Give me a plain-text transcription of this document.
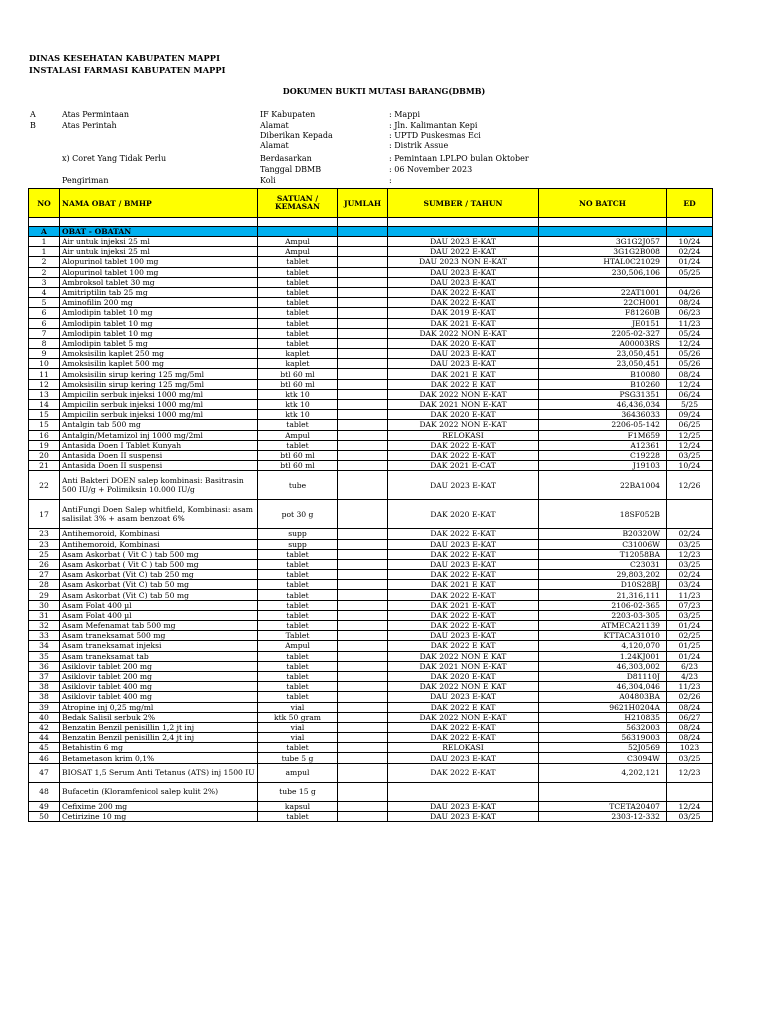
DINAS KESEHATAN KABUPATEN MAPPI
INSTALASI FARMASI KABUPATEN MAPPI
DOKUMEN BUKTI MUTASI BARANG(DBMB)
A	Atas Permintaan
B	Atas Perintah
x) Coret Yang Tidak Perlu
Pengiriman
IF Kabupaten	: Mappi
Alamat	: Jln. Kalimantan Kepi
Diberikan Kepada	: UPTD Puskesmas Eci
Alamat	: Distrik Assue
Berdasarkan	: Pemintaan LPLPO bulan Oktober
Tanggal DBMB	: 06 November 2023
Koli	:
NO	NAMA OBAT / BMHP	SATUAN / KEMASAN	JUMLAH	SUMBER / TAHUN	NO BATCH	ED

A	OBAT - OBATAN					
1	Air untuk injeksi 25 ml	Ampul		DAU 2023 E-KAT	3G1G2J057	10/24
1	Air untuk injeksi 25 ml	Ampul		DAU 2022 E-KAT	3G1G2B008	02/24
2	Alopurinol tablet 100 mg	tablet		DAU 2023 NON E-KAT	HTAL0C21029	01/24
2	Alopurinol tablet 100 mg	tablet		DAU 2023 E-KAT	230,506,106	05/25
3	Ambroksol tablet 30 mg	tablet		DAU 2023 E-KAT		
4	Amitriptilin tab 25 mg	tablet		DAK 2022 E-KAT	22AT1001	04/26
5	Aminofilin 200 mg	tablet		DAK 2022 E-KAT	22CH001	08/24
6	Amlodipin tablet 10 mg	tablet		DAK 2019 E-KAT	F81260B	06/23
6	Amlodipin tablet 10 mg	tablet		DAK 2021 E-KAT	JE0151	11/23
7	Amlodipin tablet 10 mg	tablet		DAK 2022 NON E-KAT	2205-02-327	05/24
8	Amlodipin tablet 5 mg	tablet		DAK 2020 E-KAT	A00003RS	12/24
9	Amoksisilin kaplet 250 mg	kaplet		DAU 2023 E-KAT	23,050,451	05/26
10	Amoksisilin kaplet 500 mg	kaplet		DAU 2023 E-KAT	23,050,451	05/26
11	Amoksisilin sirup kering 125 mg/5ml	btl 60 ml		DAK 2021 E KAT	B10080	08/24
12	Amoksisilin sirup kering 125 mg/5ml	btl 60 ml		DAK 2022 E KAT	B10260	12/24
13	Ampicilin serbuk injeksi 1000 mg/ml	ktk 10		DAK 2022 NON E-KAT	PSG31351	06/24
14	Ampicilin serbuk injeksi 1000 mg/ml	ktk 10		DAK 2021 NON E-KAT	46,436,034	5/25
15	Ampicilin serbuk injeksi 1000 mg/ml	ktk 10		DAK 2020 E-KAT	36436033	09/24
15	Antalgin tab 500 mg	tablet		DAK 2022 NON E-KAT	2206-05-142	06/25
16	Antalgin/Metamizol inj 1000 mg/2ml	Ampul		RELOKASI	F1M659	12/25
19	Antasida Doen I Tablet Kunyah	tablet		DAK 2022 E-KAT	A12361	12/24
20	Antasida Doen II suspensi	btl 60 ml		DAK 2022 E-KAT	C19228	03/25
21	Antasida Doen II suspensi	btl 60 ml		DAK 2021 E-CAT	J19103	10/24
22	Anti Bakteri DOEN salep kombinasi: Basitrasin 500 IU/g + Polimiksin 10.000 IU/g	tube		DAU 2023 E-KAT	22BA1004	12/26
17	AntiFungi Doen Salep whitfield, Kombinasi: asam salisilat 3% + asam benzoat 6%	pot 30 g		DAK 2020 E-KAT	18SF052B	
23	Antihemoroid, Kombinasi	supp		DAK 2022 E-KAT	B20320W	02/24
23	Antihemoroid, Kombinasi	supp		DAU 2023 E-KAT	C31006W	03/25
25	Asam Askorbat ( Vit C ) tab 500 mg	tablet		DAK 2022 E-KAT	T12058BA	12/23
26	Asam Askorbat ( Vit C ) tab 500 mg	tablet		DAU 2023 E-KAT	C23031	03/25
27	Asam Askorbat (Vit C) tab 250 mg	tablet		DAK 2022 E-KAT	29,803,202	02/24
28	Asam Askorbat (Vit C) tab 50 mg	tablet		DAK 2021 E KAT	D10S28BJ	03/24
29	Asam Askorbat (Vit C) tab 50 mg	tablet		DAK 2022 E-KAT	21,316,111	11/23
30	Asam Folat 400 µl	tablet		DAK 2021 E-KAT	2106-02-365	07/23
31	Asam Folat 400 µl	tablet		DAK 2022 E-KAT	2203-03-305	03/25
32	Asam Mefenamat tab 500 mg	tablet		DAK 2022 E-KAT	ATMECA21139	01/24
33	Asam traneksamat 500 mg	Tablet		DAU 2023 E-KAT	KTTACA31010	02/25
34	Asam traneksamat injeksi	Ampul		DAK 2022 E KAT	4,120,070	01/25
35	Asam traneksamat tab	tablet		DAK 2022 NON E KAT	1.24KJ001	01/24
36	Asiklovir tablet 200 mg	tablet		DAK 2021 NON E-KAT	46,303,002	6/23
37	Asiklovir tablet 200 mg	tablet		DAK 2020 E-KAT	D81110J	4/23
38	Asiklovir tablet 400 mg	tablet		DAK 2022 NON E KAT	46,304,046	11/23
38	Asiklovir tablet 400 mg	tablet		DAU 2023 E-KAT	A04803BA	02/26
39	Atropine inj 0,25 mg/ml	vial		DAK 2022 E KAT	9621H0204A	08/24
40	Bedak Salisil serbuk 2%	ktk 50 gram		DAK 2022 NON E-KAT	H210835	06/27
42	Benzatin Benzil penisillin 1,2 jt inj	vial		DAK 2022 E-KAT	5632003	08/24
44	Benzatin Benzil penisillin 2,4 jt inj	vial		DAK 2022 E-KAT	56319003	08/24
45	Betahistin 6 mg	tablet		RELOKASI	52J0569	1023
46	Betametason krim 0,1%	tube 5 g		DAU 2023 E-KAT	C3094W	03/25
47	BIOSAT 1,5 Serum Anti Tetanus (ATS) inj 1500 IU	ampul		DAK 2022 E-KAT	4,202,121	12/23
48	Bufacetin (Kloramfenicol salep kulit 2%)	tube 15 g				
49	Cefixime 200 mg	kapsul		DAU 2023 E-KAT	TCETA20407	12/24
50	Cetirizine 10 mg	tablet		DAU 2023 E-KAT	2303-12-332	03/25
